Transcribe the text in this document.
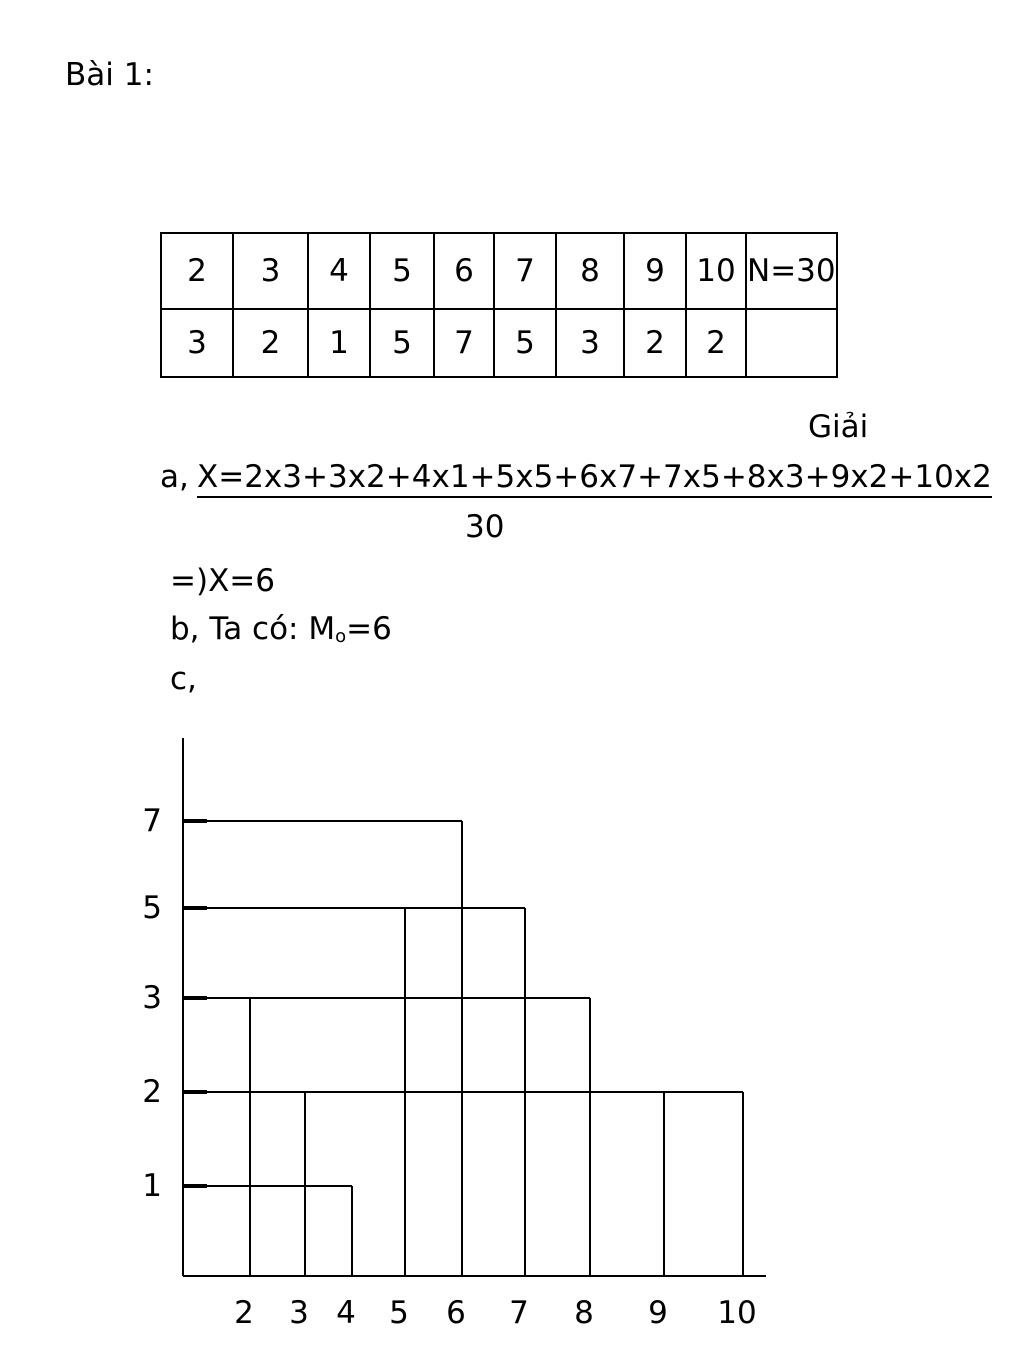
Bài 1:
2	3	4	5	6	7	8	9	10	N=30
3	2	1	5	7	5	3	2	2	
Giải
a, X=2x3+3x2+4x1+5x5+6x7+7x5+8x3+9x2+10x2
30
=)X=6
b, Ta có: $M_o=6$
c,
2 3 4 5 6 7 8 9 10
1
2
3
5
7
